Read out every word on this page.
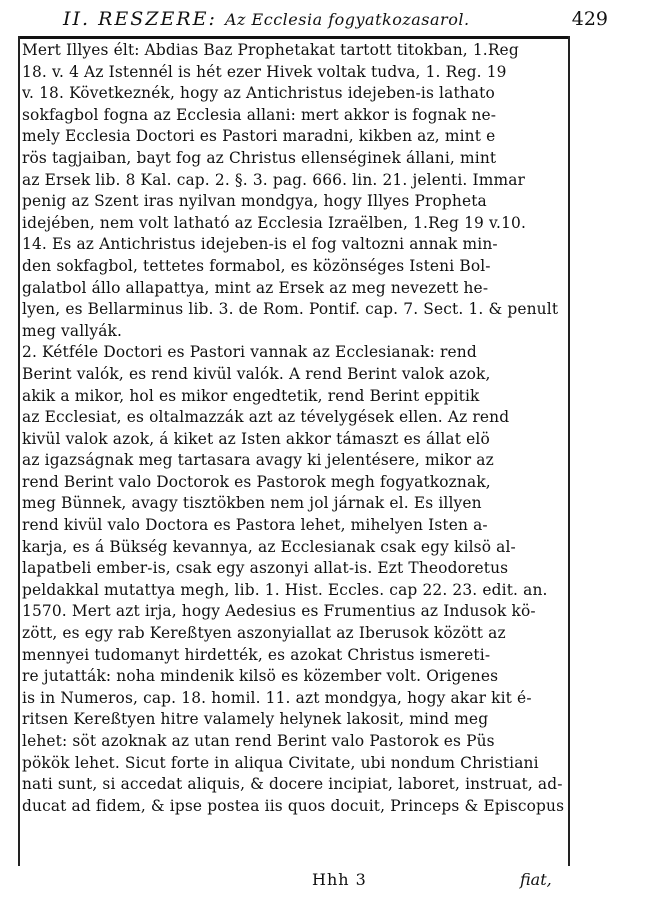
II. RESZERE: Az Ecclesia fogyatkozasarol.	429
Mert Illyes élt: Abdias Baz Prophetakat tartott titokban, 1.Reg
18. v. 4 Az Istennél is hét ezer Hivek voltak tudva, 1. Reg. 19
v. 18. Következnék, hogy az Antichristus idejeben-is lathato
sokfagbol fogna az Ecclesia allani: mert akkor is fognak ne-
mely Ecclesia Doctori es Pastori maradni, kikben az, mint e
rös tagjaiban, bayt fog az Christus ellenséginek állani, mint
az Ersek lib. 8 Kal. cap. 2. §. 3. pag. 666. lin. 21. jelenti. Immar
penig az Szent iras nyilvan mondgya, hogy Illyes Propheta
idejében, nem volt latható az Ecclesia Izraëlben, 1.Reg 19 v.10.
14. Es az Antichristus idejeben-is el fog valtozni annak min-
den sokfagbol, tettetes formabol, es közönséges Isteni Bol-
galatbol állo allapattya, mint az Ersek az meg nevezett he-
lyen, es Bellarminus lib. 3. de Rom. Pontif. cap. 7. Sect. 1. & penult
meg vallyák.
2. Kétféle Doctori es Pastori vannak az Ecclesianak: rend
Berint valók, es rend kivül valók. A rend Berint valok azok,
akik a mikor, hol es mikor engedtetik, rend Berint eppitik
az Ecclesiat, es oltalmazzák azt az tévelygések ellen. Az rend
kivül valok azok, á kiket az Isten akkor támaszt es állat elö
az igazságnak meg tartasara avagy ki jelentésere, mikor az
rend Berint valo Doctorok es Pastorok megh fogyatkoznak,
meg Bünnek, avagy tisztökben nem jol járnak el. Es illyen
rend kivül valo Doctora es Pastora lehet, mihelyen Isten a-
karja, es á Bükség kevannya, az Ecclesianak csak egy kilsö al-
lapatbeli ember-is, csak egy aszonyi allat-is. Ezt Theodoretus
peldakkal mutattya megh, lib. 1. Hist. Eccles. cap 22. 23. edit. an.
1570. Mert azt irja, hogy Aedesius es Frumentius az Indusok kö-
zött, es egy rab Kereßtyen aszonyiallat az Iberusok között az
mennyei tudomanyt hirdették, es azokat Christus ismereti-
re jutatták: noha mindenik kilsö es közember volt. Origenes
is in Numeros, cap. 18. homil. 11. azt mondgya, hogy akar kit é-
ritsen Kereßtyen hitre valamely helynek lakosit, mind meg
lehet: söt azoknak az utan rend Berint valo Pastorok es Püs
pökök lehet. Sicut forte in aliqua Civitate, ubi nondum Christiani
nati sunt, si accedat aliquis, & docere incipiat, laboret, instruat, ad-
ducat ad fidem, & ipse postea iis quos docuit, Princeps & Episcopus
Hhh 3	fiat,
